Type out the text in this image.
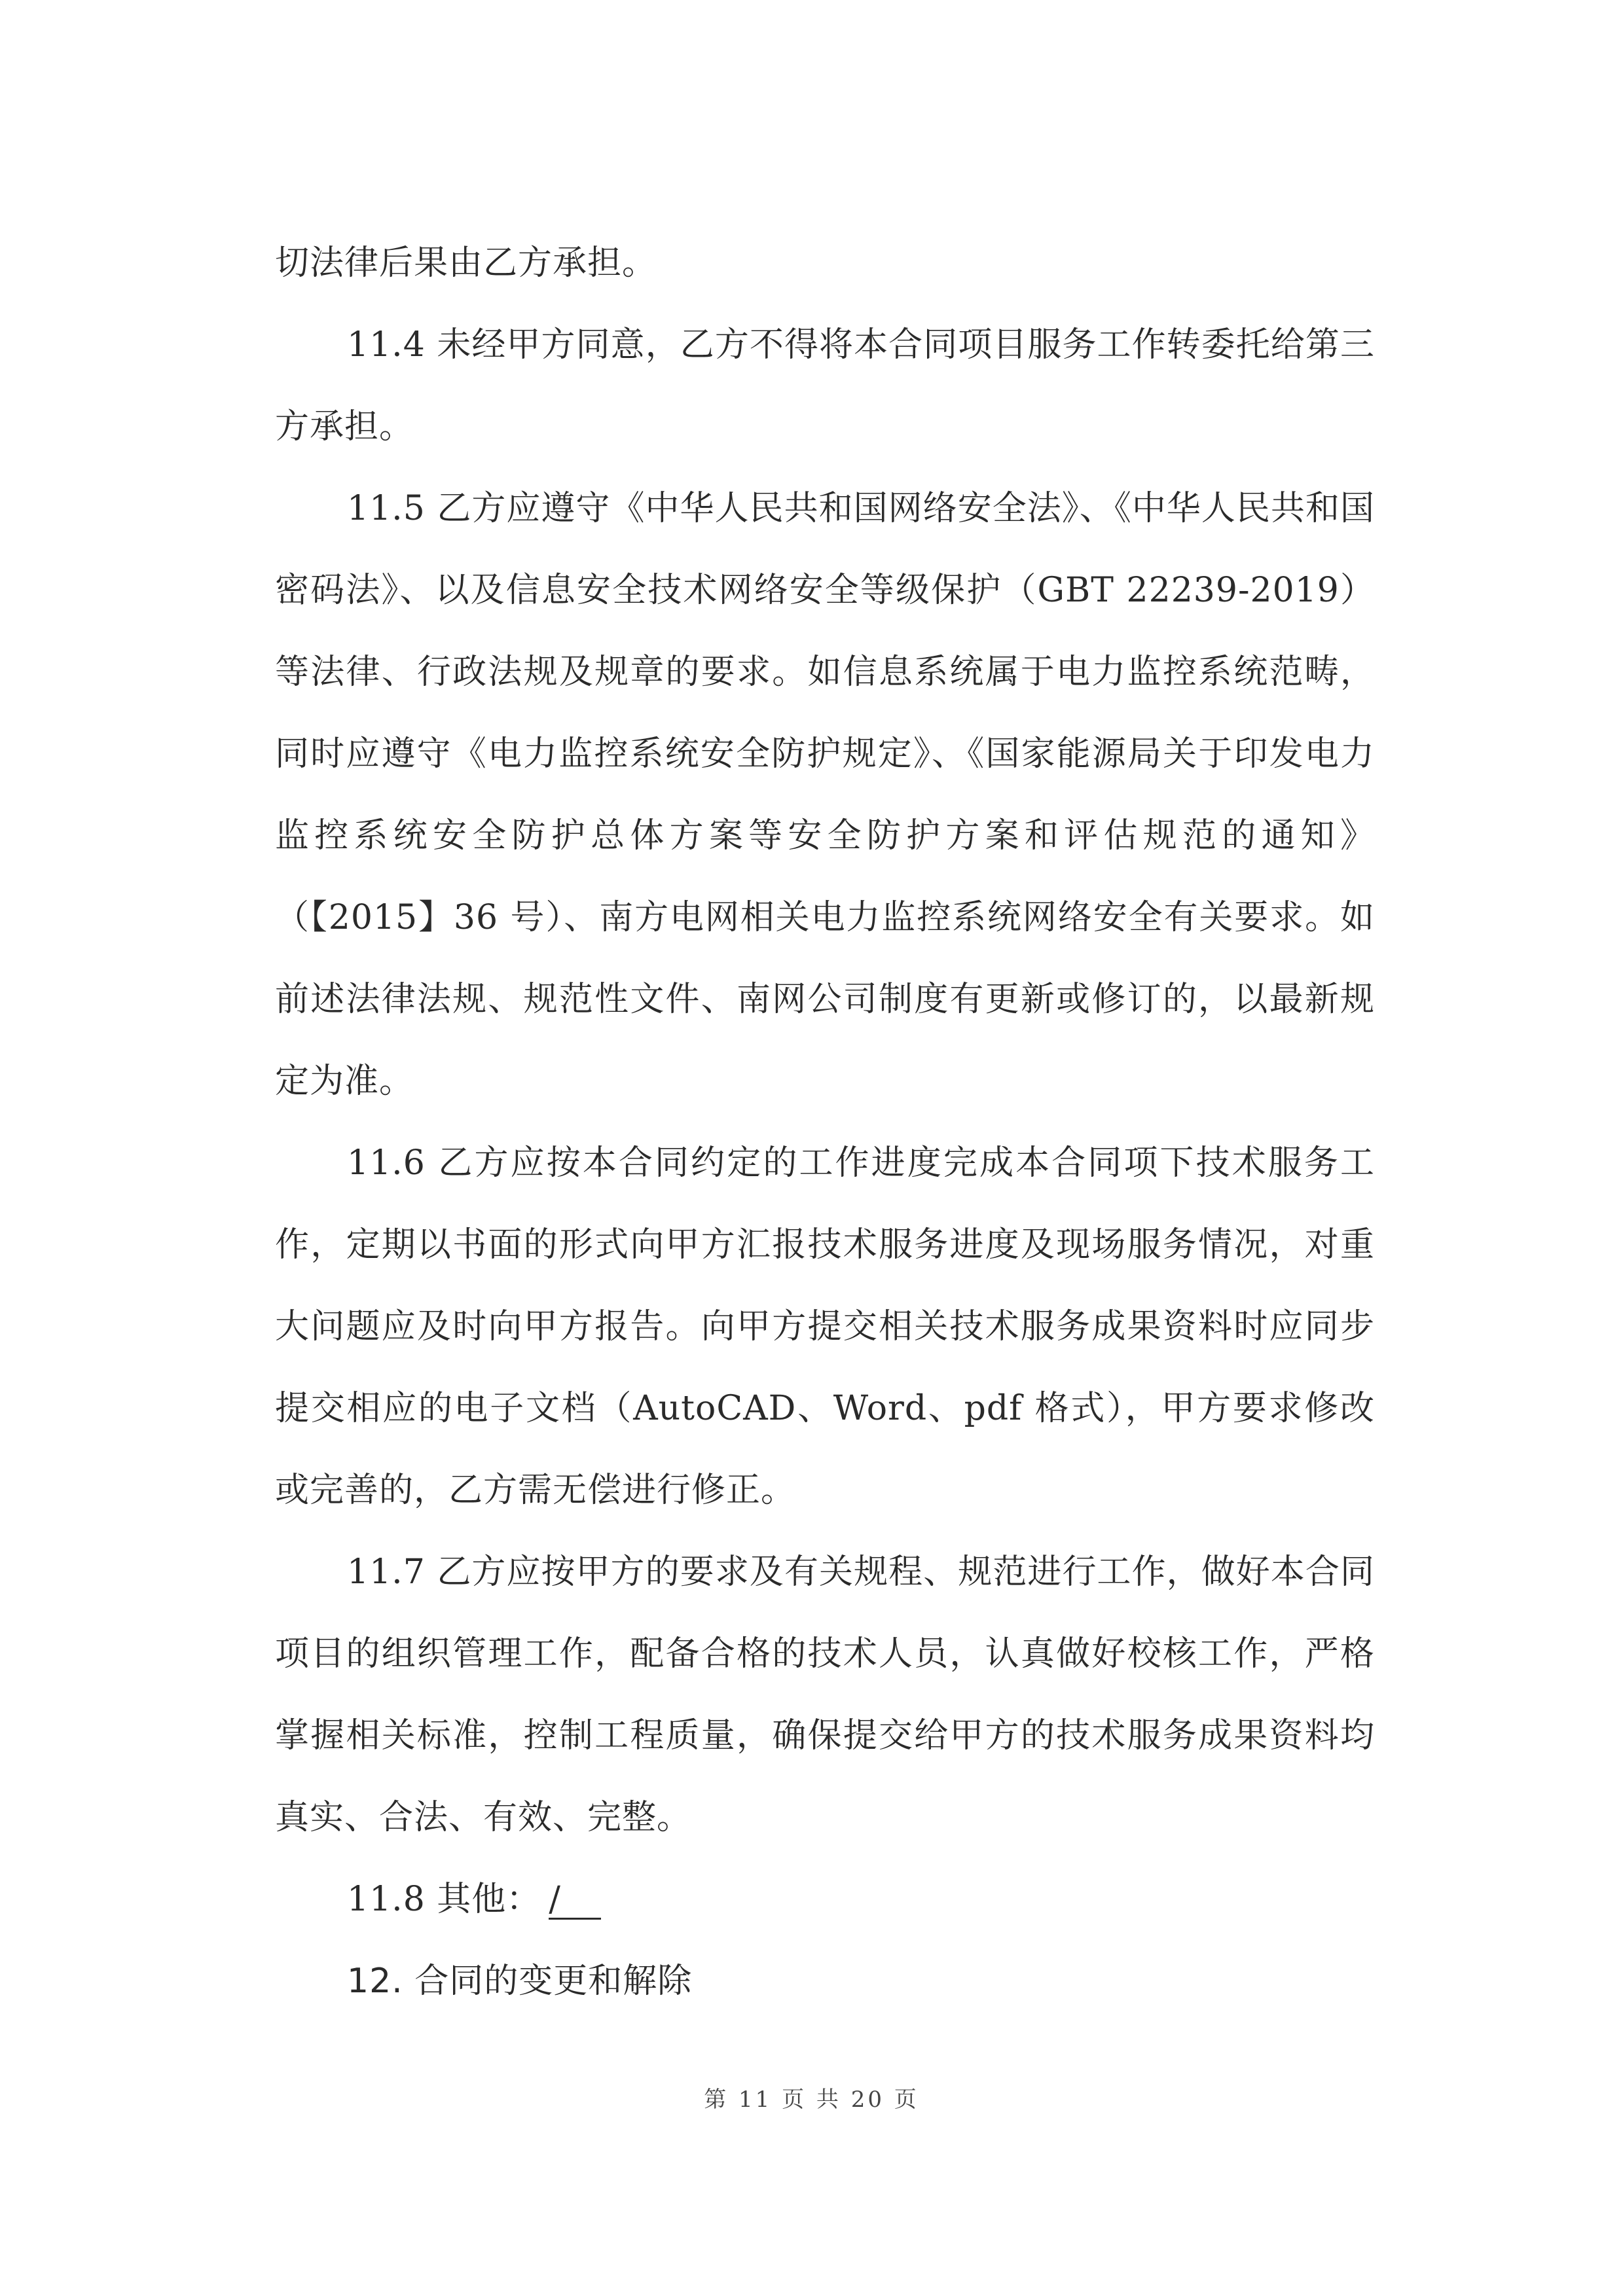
切法律后果由乙方承担。

11.4 未经甲方同意，乙方不得将本合同项目服务工作转委托给第三方承担。

11.5 乙方应遵守《中华人民共和国网络安全法》、《中华人民共和国密码法》、以及信息安全技术网络安全等级保护（GBT 22239-2019）等法律、行政法规及规章的要求。如信息系统属于电力监控系统范畴，同时应遵守《电力监控系统安全防护规定》、《国家能源局关于印发电力监控系统安全防护总体方案等安全防护方案和评估规范的通知》（【2015】36 号）、南方电网相关电力监控系统网络安全有关要求。如前述法律法规、规范性文件、南网公司制度有更新或修订的，以最新规定为准。

11.6 乙方应按本合同约定的工作进度完成本合同项下技术服务工作，定期以书面的形式向甲方汇报技术服务进度及现场服务情况，对重大问题应及时向甲方报告。向甲方提交相关技术服务成果资料时应同步提交相应的电子文档（AutoCAD、Word、pdf 格式），甲方要求修改或完善的，乙方需无偿进行修正。

11.7 乙方应按甲方的要求及有关规程、规范进行工作，做好本合同项目的组织管理工作，配备合格的技术人员，认真做好校核工作，严格掌握相关标准，控制工程质量，确保提交给甲方的技术服务成果资料均真实、合法、有效、完整。

11.8 其他： /

12. 合同的变更和解除

第 11 页 共 20 页
